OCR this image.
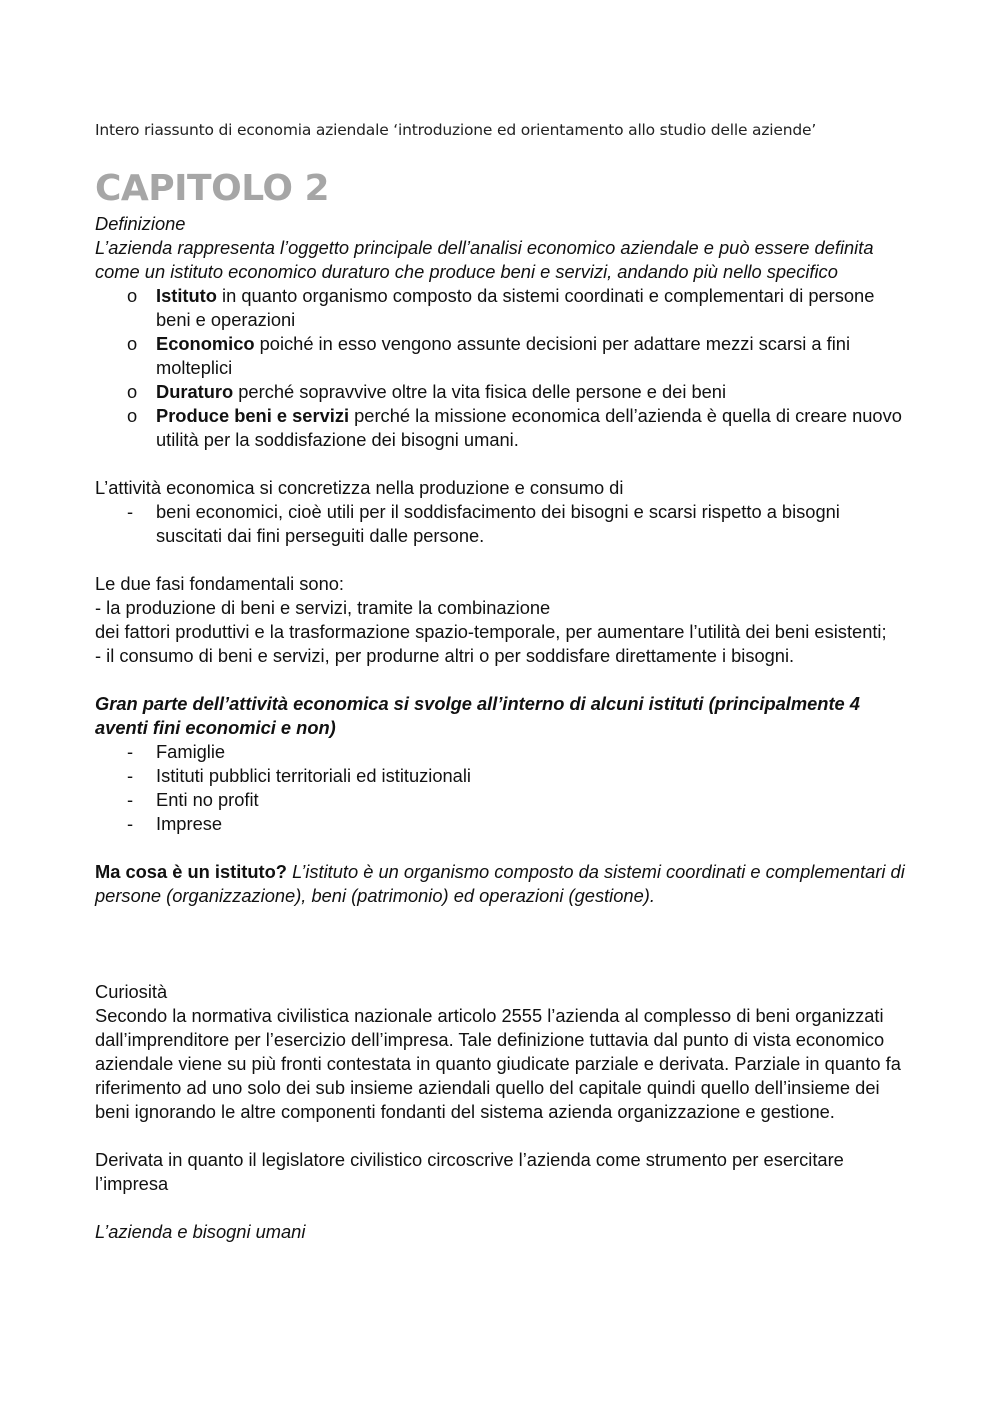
Intero riassunto di economia aziendale ‘introduzione ed orientamento allo studio delle aziende’
CAPITOLO 2

Definizione

L’azienda rappresenta l’oggetto principale dell’analisi economico aziendale e può essere definita come un istituto economico duraturo che produce beni e servizi, andando più nello specifico

o Istituto in quanto organismo composto da sistemi coordinati e complementari di persone beni e operazioni
o Economico poiché in esso vengono assunte decisioni per adattare mezzi scarsi a fini molteplici
o Duraturo perché sopravvive oltre la vita fisica delle persone e dei beni
o Produce beni e servizi perché la missione economica dell’azienda è quella di creare nuovo utilità per la soddisfazione dei bisogni umani.

L’attività economica si concretizza nella produzione e consumo di

- beni economici, cioè utili per il soddisfacimento dei bisogni e scarsi rispetto a bisogni suscitati dai fini perseguiti dalle persone.

Le due fasi fondamentali sono:

- la produzione di beni e servizi, tramite la combinazione

dei fattori produttivi e la trasformazione spazio-temporale, per aumentare l’utilità dei beni esistenti;

- il consumo di beni e servizi, per produrne altri o per soddisfare direttamente i bisogni.

Gran parte dell’attività economica si svolge all’interno di alcuni istituti (principalmente 4 aventi fini economici e non)

- Famiglie
- Istituti pubblici territoriali ed istituzionali
- Enti no profit
- Imprese

Ma cosa è un istituto? L’istituto è un organismo composto da sistemi coordinati e complementari di persone (organizzazione), beni (patrimonio) ed operazioni (gestione).

Curiosità

Secondo la normativa civilistica nazionale articolo 2555 l’azienda al complesso di beni organizzati dall’imprenditore per l’esercizio dell’impresa. Tale definizione tuttavia dal punto di vista economico aziendale viene su più fronti contestata in quanto giudicate parziale e derivata. Parziale in quanto fa riferimento ad uno solo dei sub insieme aziendali quello del capitale quindi quello dell’insieme dei beni ignorando le altre componenti fondanti del sistema azienda organizzazione e gestione.

Derivata in quanto il legislatore civilistico circoscrive l’azienda come strumento per esercitare l’impresa

L’azienda e bisogni umani
